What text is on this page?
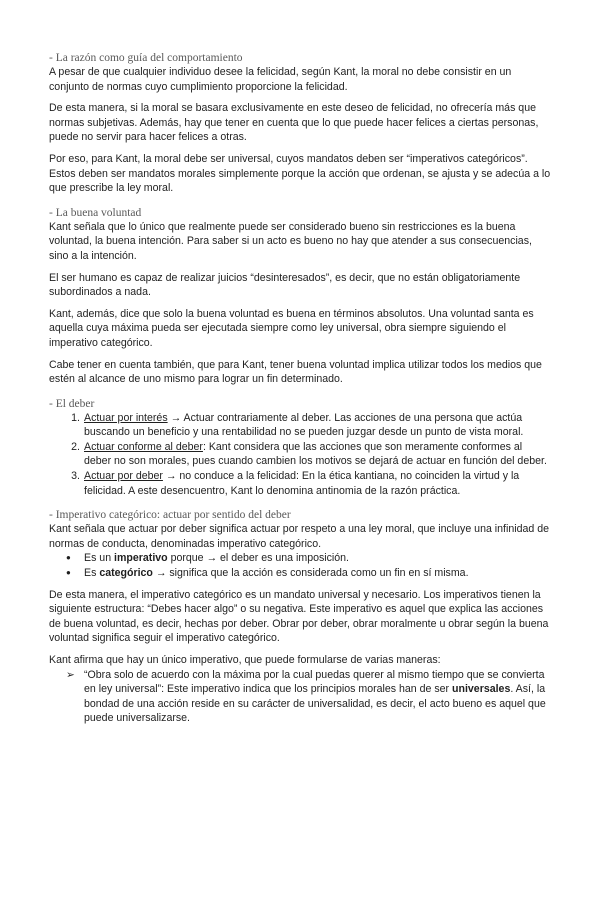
- La razón como guía del comportamiento

A pesar de que cualquier individuo desee la felicidad, según Kant, la moral no debe consistir en un conjunto de normas cuyo cumplimiento proporcione la felicidad.

De esta manera, si la moral se basara exclusivamente en este deseo de felicidad, no ofrecería más que normas subjetivas. Además, hay que tener en cuenta que lo que puede hacer felices a ciertas personas, puede no servir para hacer felices a otras.

Por eso, para Kant, la moral debe ser universal, cuyos mandatos deben ser “imperativos categóricos”. Estos deben ser mandatos morales simplemente porque la acción que ordenan, se ajusta y se adecúa a lo que prescribe la ley moral.

- La buena voluntad

Kant señala que lo único que realmente puede ser considerado bueno sin restricciones es la buena voluntad, la buena intención. Para saber si un acto es bueno no hay que atender a sus consecuencias, sino a la intención.

El ser humano es capaz de realizar juicios “desinteresados”, es decir, que no están obligatoriamente subordinados a nada.

Kant, además, dice que solo la buena voluntad es buena en términos absolutos. Una voluntad santa es aquella cuya máxima pueda ser ejecutada siempre como ley universal, obra siempre siguiendo el imperativo categórico.

Cabe tener en cuenta también, que para Kant, tener buena voluntad implica utilizar todos los medios que estén al alcance de uno mismo para lograr un fin determinado.

- El deber
1. Actuar por interés → Actuar contrariamente al deber. Las acciones de una persona que actúa buscando un beneficio y una rentabilidad no se pueden juzgar desde un punto de vista moral.
2. Actuar conforme al deber: Kant considera que las acciones que son meramente conformes al deber no son morales, pues cuando cambien los motivos se dejará de actuar en función del deber.
3. Actuar por deber → no conduce a la felicidad: En la ética kantiana, no coinciden la virtud y la felicidad. A este desencuentro, Kant lo denomina antinomia de la razón práctica.
- Imperativo categórico: actuar por sentido del deber

Kant señala que actuar por deber significa actuar por respeto a una ley moral, que incluye una infinidad de normas de conducta, denominadas imperativo categórico.

● Es un imperativo porque → el deber es una imposición.
● Es categórico → significa que la acción es considerada como un fin en sí misma.

De esta manera, el imperativo categórico es un mandato universal y necesario. Los imperativos tienen la siguiente estructura: “Debes hacer algo” o su negativa. Este imperativo es aquel que explica las acciones de buena voluntad, es decir, hechas por deber. Obrar por deber, obrar moralmente u obrar según la buena voluntad significa seguir el imperativo categórico.

Kant afirma que hay un único imperativo, que puede formularse de varias maneras:

➢ “Obra solo de acuerdo con la máxima por la cual puedas querer al mismo tiempo que se convierta en ley universal”: Este imperativo indica que los principios morales han de ser universales. Así, la bondad de una acción reside en su carácter de universalidad, es decir, el acto bueno es aquel que puede universalizarse.
